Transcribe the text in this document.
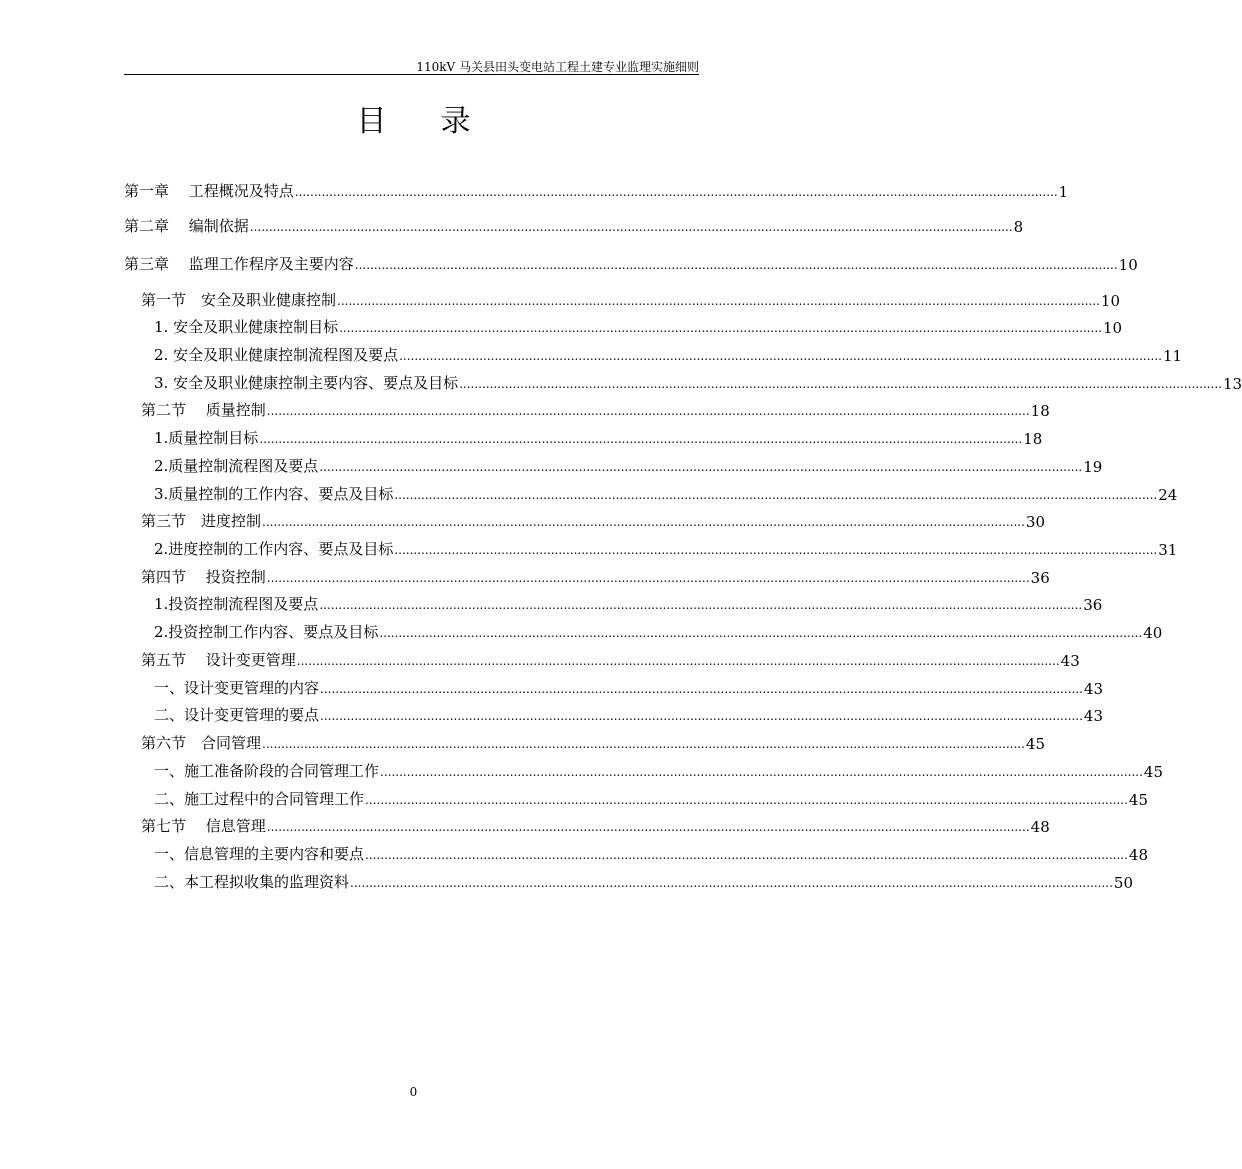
110kV 马关县田头变电站工程土建专业监理实施细则
目录
第一章　 工程概况及特点 ........................................................................................................................................................................................................ 1
第二章　 编制依据 ........................................................................................................................................................................................................ 8
第三章　 监理工作程序及主要内容 ........................................................................................................................................................................................................ 10
第一节　安全及职业健康控制 ........................................................................................................................................................................................................ 10
1. 安全及职业健康控制目标 ........................................................................................................................................................................................................ 10
2. 安全及职业健康控制流程图及要点 ........................................................................................................................................................................................................ 11
3. 安全及职业健康控制主要内容、要点及目标 ........................................................................................................................................................................................................ 13
第二节　 质量控制 ........................................................................................................................................................................................................ 18
1.质量控制目标 ........................................................................................................................................................................................................ 18
2.质量控制流程图及要点 ........................................................................................................................................................................................................ 19
3.质量控制的工作内容、要点及目标 ........................................................................................................................................................................................................ 24
第三节　进度控制 ........................................................................................................................................................................................................ 30
2.进度控制的工作内容、要点及目标 ........................................................................................................................................................................................................ 31
第四节　 投资控制 ........................................................................................................................................................................................................ 36
1.投资控制流程图及要点 ........................................................................................................................................................................................................ 36
2.投资控制工作内容、要点及目标 ........................................................................................................................................................................................................ 40
第五节　 设计变更管理 ........................................................................................................................................................................................................ 43
一、设计变更管理的内容 ........................................................................................................................................................................................................ 43
二、设计变更管理的要点 ........................................................................................................................................................................................................ 43
第六节　合同管理 ........................................................................................................................................................................................................ 45
一、施工准备阶段的合同管理工作 ........................................................................................................................................................................................................ 45
二、施工过程中的合同管理工作 ........................................................................................................................................................................................................ 45
第七节　 信息管理 ........................................................................................................................................................................................................ 48
一、信息管理的主要内容和要点 ........................................................................................................................................................................................................ 48
二、本工程拟收集的监理资料 ........................................................................................................................................................................................................ 50
0
